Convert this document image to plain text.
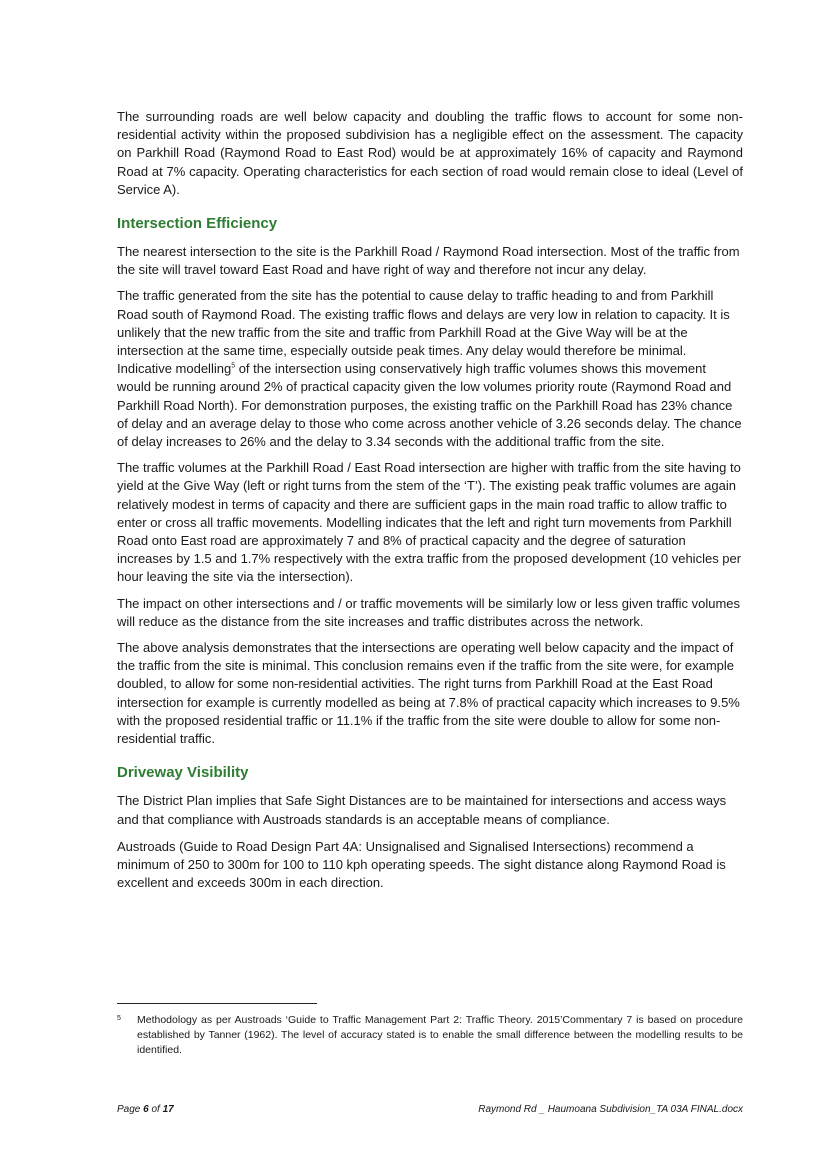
The surrounding roads are well below capacity and doubling the traffic flows to account for some non-residential activity within the proposed subdivision has a negligible effect on the assessment. The capacity on Parkhill Road (Raymond Road to East Rod) would be at approximately 16% of capacity and Raymond Road at 7% capacity. Operating characteristics for each section of road would remain close to ideal (Level of Service A).

Intersection Efficiency

The nearest intersection to the site is the Parkhill Road / Raymond Road intersection. Most of the traffic from the site will travel toward East Road and have right of way and therefore not incur any delay.

The traffic generated from the site has the potential to cause delay to traffic heading to and from Parkhill Road south of Raymond Road. The existing traffic flows and delays are very low in relation to capacity. It is unlikely that the new traffic from the site and traffic from Parkhill Road at the Give Way will be at the intersection at the same time, especially outside peak times. Any delay would therefore be minimal. Indicative modelling$^5$ of the intersection using conservatively high traffic volumes shows this movement would be running around 2% of practical capacity given the low volumes priority route (Raymond Road and Parkhill Road North). For demonstration purposes, the existing traffic on the Parkhill Road has 23% chance of delay and an average delay to those who come across another vehicle of 3.26 seconds delay. The chance of delay increases to 26% and the delay to 3.34 seconds with the additional traffic from the site.

The traffic volumes at the Parkhill Road / East Road intersection are higher with traffic from the site having to yield at the Give Way (left or right turns from the stem of the ‘T’). The existing peak traffic volumes are again relatively modest in terms of capacity and there are sufficient gaps in the main road traffic to allow traffic to enter or cross all traffic movements. Modelling indicates that the left and right turn movements from Parkhill Road onto East road are approximately 7 and 8% of practical capacity and the degree of saturation increases by 1.5 and 1.7% respectively with the extra traffic from the proposed development (10 vehicles per hour leaving the site via the intersection).

The impact on other intersections and / or traffic movements will be similarly low or less given traffic volumes will reduce as the distance from the site increases and traffic distributes across the network.

The above analysis demonstrates that the intersections are operating well below capacity and the impact of the traffic from the site is minimal. This conclusion remains even if the traffic from the site were, for example doubled, to allow for some non-residential activities. The right turns from Parkhill Road at the East Road intersection for example is currently modelled as being at 7.8% of practical capacity which increases to 9.5% with the proposed residential traffic or 11.1% if the traffic from the site were double to allow for some non-residential traffic.

Driveway Visibility

The District Plan implies that Safe Sight Distances are to be maintained for intersections and access ways and that compliance with Austroads standards is an acceptable means of compliance.

Austroads (Guide to Road Design Part 4A: Unsignalised and Signalised Intersections) recommend a minimum of 250 to 300m for 100 to 110 kph operating speeds. The sight distance along Raymond Road is excellent and exceeds 300m in each direction.

5	Methodology as per Austroads ‘Guide to Traffic Management Part 2: Traffic Theory. 2015’Commentary 7 is based on procedure established by Tanner (1962). The level of accuracy stated is to enable the small difference between the modelling results to be identified.
Page 6 of 17	Raymond Rd _ Haumoana Subdivision_TA 03A FINAL.docx
